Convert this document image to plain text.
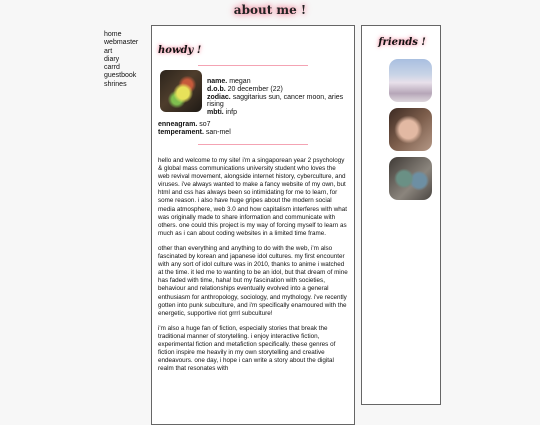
about me !
home
webmaster
art
diary
carrd
guestbook
shrines
howdy !
name. megan
d.o.b. 20 december (22)
zodiac. saggitarius sun, cancer moon, aries rising
mbti. infp
enneagram. so7
temperament. san-mel

hello and welcome to my site! i'm a singaporean year 2 psychology & global mass communications university student who loves the web revival movement, alongside internet history, cyberculture, and viruses. i've always wanted to make a fancy website of my own, but html and css has always been so intimidating for me to learn, for some reason. i also have huge gripes about the modern social media atmosphere, web 3.0 and how capitalism interferes with what was originally made to share information and communicate with others. one could this project is my way of forcing myself to learn as much as i can about coding websites in a limited time frame.

other than everything and anything to do with the web, i'm also fascinated by korean and japanese idol cultures. my first encounter with any sort of idol culture was in 2010, thanks to anime i watched at the time. it led me to wanting to be an idol, but that dream of mine has faded with time, haha! but my fascination with societies, behaviour and relationships eventually evolved into a general enthusiasm for anthropology, sociology, and mythology. i've recently gotten into punk subculture, and i'm specifically enamoured with the energetic, supportive riot grrrl subculture!

i'm also a huge fan of fiction, especially stories that break the traditional manner of storytelling. i enjoy interactive fiction, experimental fiction and metafiction specifically. these genres of fiction inspire me heavily in my own storytelling and creative endeavours. one day, i hope i can write a story about the digital realm that resonates with

friends !
